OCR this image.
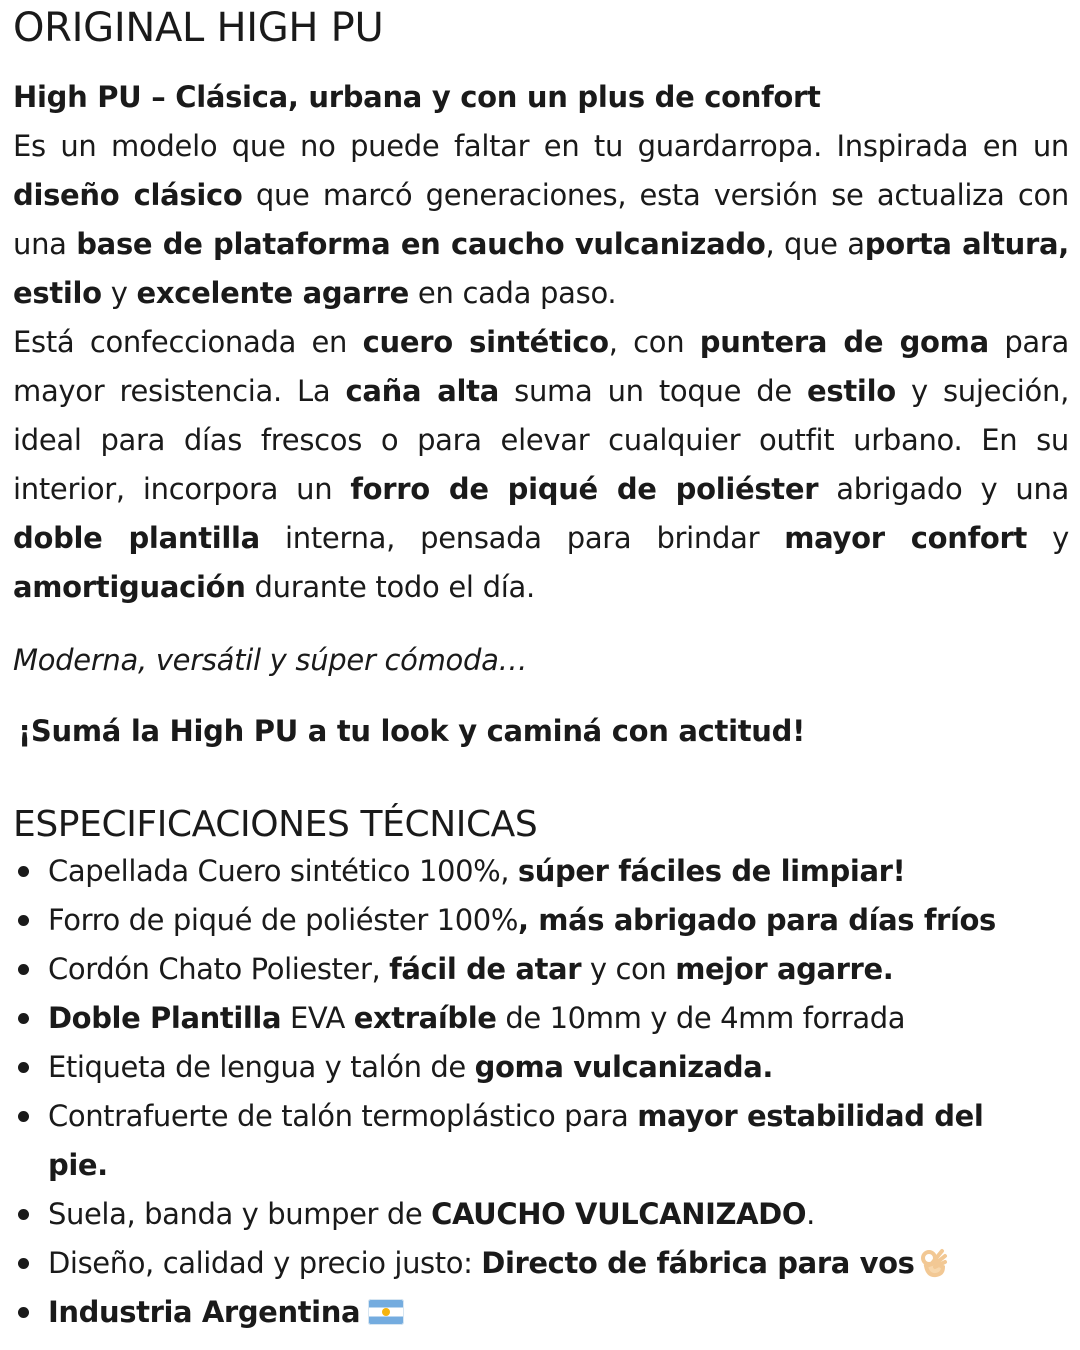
ORIGINAL HIGH PU
High PU – Clásica, urbana y con un plus de confort

Es un modelo que no puede faltar en tu guardarropa. Inspirada en un diseño clásico que marcó generaciones, esta versión se actualiza con una base de plataforma en caucho vulcanizado, que aporta altura, estilo y excelente agarre en cada paso.

Está confeccionada en cuero sintético, con puntera de goma para mayor resistencia. La caña alta suma un toque de estilo y sujeción, ideal para días frescos o para elevar cualquier outfit urbano. En su interior, incorpora un forro de piqué de poliéster abrigado y una doble plantilla interna, pensada para brindar mayor confort y amortiguación durante todo el día.

Moderna, versátil y súper cómoda…

¡Sumá la High PU a tu look y caminá con actitud!

ESPECIFICACIONES TÉCNICAS
Capellada Cuero sintético 100%, súper fáciles de limpiar!
Forro de piqué de poliéster 100%, más abrigado para días fríos
Cordón Chato Poliester, fácil de atar y con mejor agarre.
Doble Plantilla EVA extraíble de 10mm y de 4mm forrada
Etiqueta de lengua y talón de goma vulcanizada.
Contrafuerte de talón termoplástico para mayor estabilidad del pie.
Suela, banda y bumper de CAUCHO VULCANIZADO.
Diseño, calidad y precio justo: Directo de fábrica para vos
Industria Argentina
